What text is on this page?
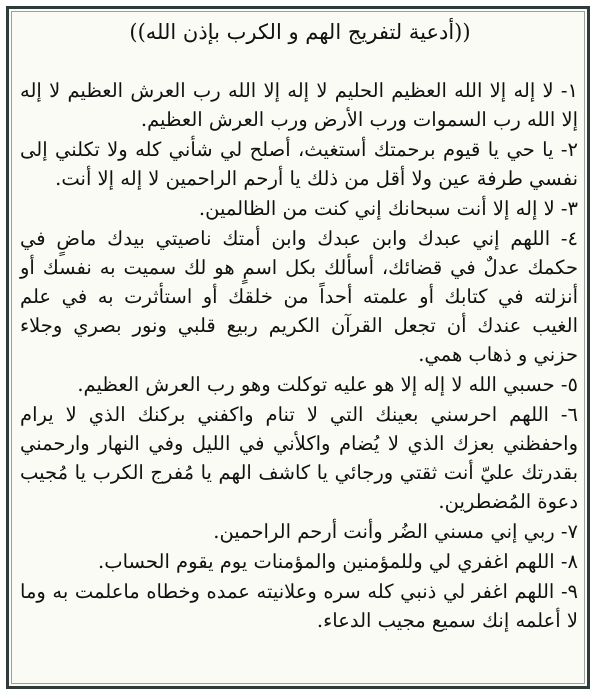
((أدعية لتفريج الهم و الكرب بإذن الله))

١- لا إله إلا الله العظيم الحليم لا إله إلا الله رب العرش العظيم لا إله إلا الله رب السموات ورب الأرض ورب العرش العظيم.

٢- يا حي يا قيوم برحمتك أستغيث، أصلح لي شأني كله ولا تكلني إلى نفسي طرفة عين ولا أقل من ذلك يا أرحم الراحمين لا إله إلا أنت.

٣- لا إله إلا أنت سبحانك إني كنت من الظالمين.

٤- اللهم إني عبدك وابن عبدك وابن أمتك ناصيتي بيدك ماضٍ في حكمك عدلٌ في قضائك، أسألك بكل اسمٍ هو لك سميت به نفسك أو أنزلته في كتابك أو علمته أحداً من خلقك أو استأثرت به في علم الغيب عندك أن تجعل القرآن الكريم ربيع قلبي ونور بصري وجلاء حزني و ذهاب همي.

٥- حسبي الله لا إله إلا هو عليه توكلت وهو رب العرش العظيم.

٦- اللهم احرسني بعينك التي لا تنام واكفني بركنك الذي لا يرام واحفظني بعزك الذي لا يُضام واكلأني في الليل وفي النهار وارحمني بقدرتك عليّ أنت ثقتي ورجائي يا كاشف الهم يا مُفرج الكرب يا مُجيب دعوة المُضطرين.

٧- ربي إني مسني الضُر وأنت أرحم الراحمين.

٨- اللهم اغفري لي وللمؤمنين والمؤمنات يوم يقوم الحساب.

٩- اللهم اغفر لي ذنبي كله سره وعلانيته عمده وخطاه ماعلمت به وما لا أعلمه إنك سميع مجيب الدعاء.
